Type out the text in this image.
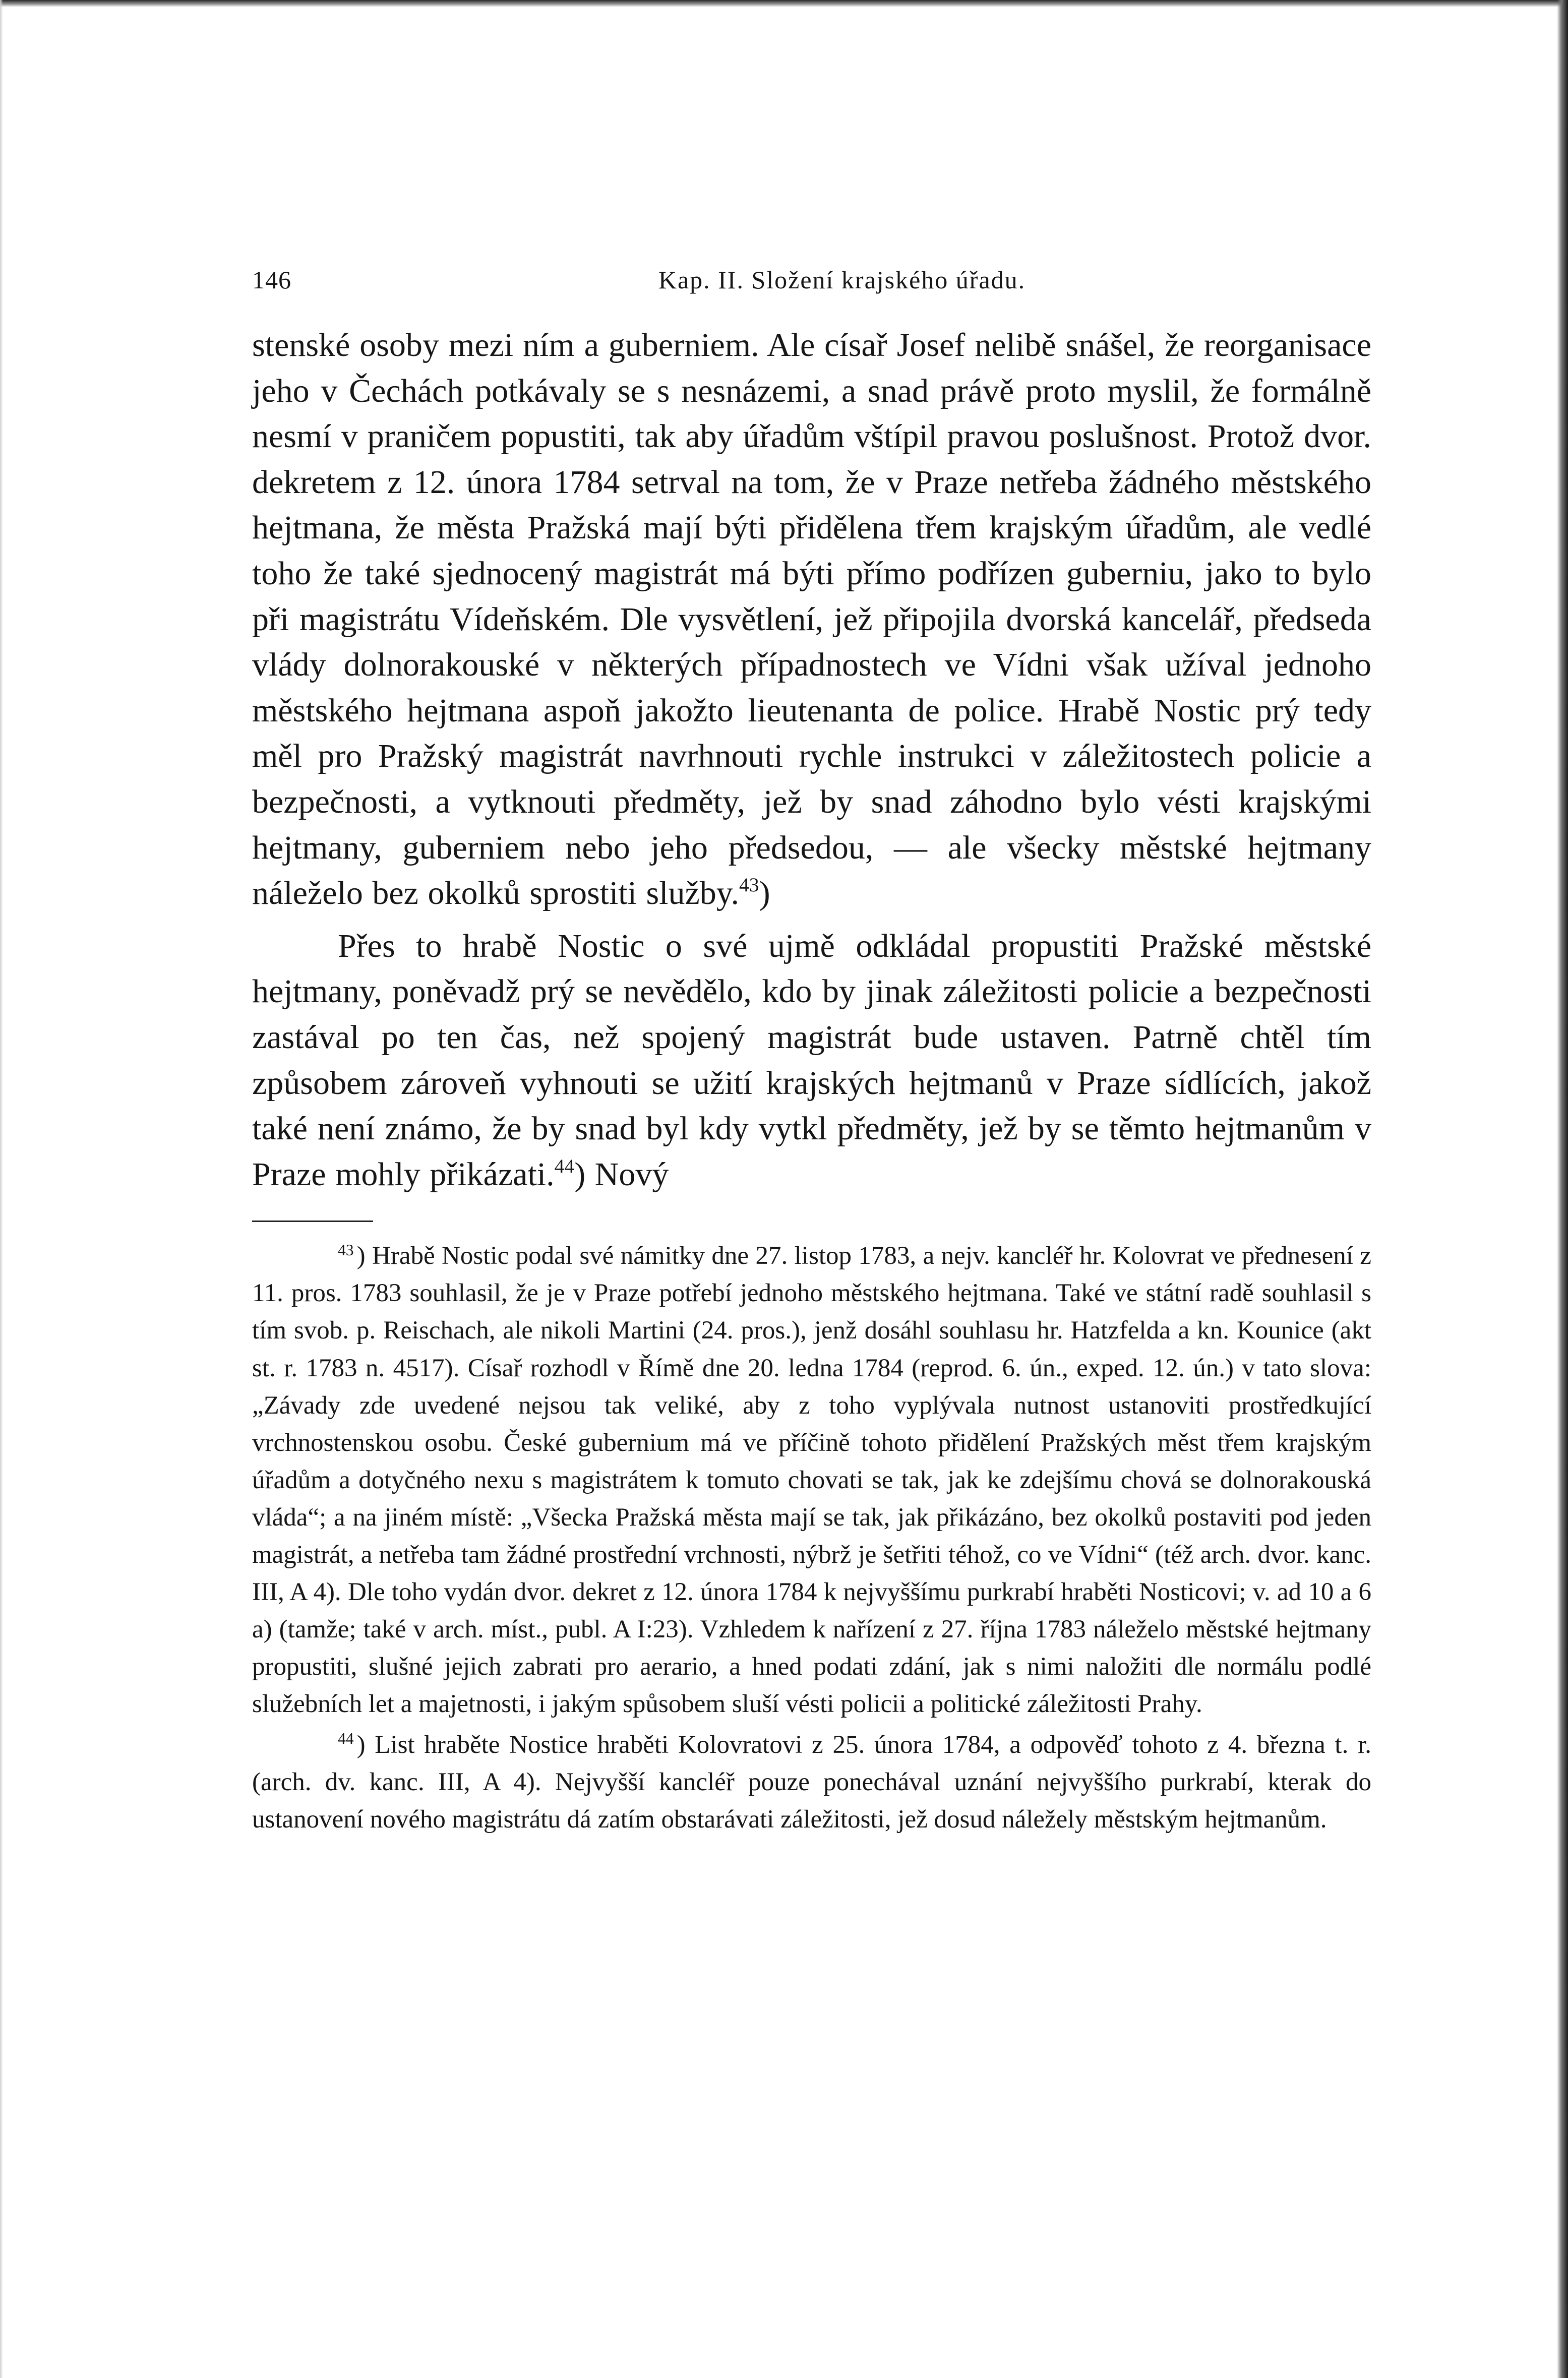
146	Kap. II. Složení krajského úřadu.

stenské osoby mezi ním a guberniem. Ale císař Josef nelibě snášel, že reorganisace jeho v Čechách potkávaly se s nesnázemi, a snad právě proto myslil, že formálně nesmí v praničem popustiti, tak aby úřadům vštípil pravou poslušnost. Protož dvor. dekretem z 12. února 1784 setrval na tom, že v Praze netřeba žádného městského hejtmana, že města Pražská mají býti přidělena třem krajským úřadům, ale vedlé toho že také sjednocený magistrát má býti přímo podřízen guberniu, jako to bylo při magistrátu Vídeňském. Dle vysvětlení, jež připojila dvorská kancelář, předseda vlády dolnorakouské v některých případnostech ve Vídni však užíval jednoho městského hejtmana aspoň jakožto lieutenanta de police. Hrabě Nostic prý tedy měl pro Pražský magistrát navrhnouti rychle instrukci v záležitostech policie a bezpečnosti, a vytknouti předměty, jež by snad záhodno bylo vésti krajskými hejtmany, guberniem nebo jeho předsedou, — ale všecky městské hejtmany náleželo bez okolků sprostiti služby.$^{43}$)

Přes to hrabě Nostic o své ujmě odkládal propustiti Pražské městské hejtmany, poněvadž prý se nevědělo, kdo by jinak záležitosti policie a bezpečnosti zastával po ten čas, než spojený magistrát bude ustaven. Patrně chtěl tím způsobem zároveň vyhnouti se užití krajských hejtmanů v Praze sídlících, jakož také není známo, že by snad byl kdy vytkl předměty, jež by se těmto hejtmanům v Praze mohly přikázati.$^{44}$) Nový

$^{43}$ ) Hrabě Nostic podal své námitky dne 27. listop 1783, a nejv. kancléř hr. Kolovrat ve přednesení z 11. pros. 1783 souhlasil, že je v Praze potřebí jednoho městského hejtmana. Také ve státní radě souhlasil s tím svob. p. Reischach, ale nikoli Martini (24. pros.), jenž dosáhl souhlasu hr. Hatzfelda a kn. Kounice (akt st. r. 1783 n. 4517). Císař rozhodl v Římě dne 20. ledna 1784 (reprod. 6. ún., exped. 12. ún.) v tato slova: „Závady zde uvedené nejsou tak veliké, aby z toho vyplývala nutnost ustanoviti prostředkující vrchnostenskou osobu. České gubernium má ve příčině tohoto přidělení Pražských měst třem krajským úřadům a dotyčného nexu s magistrátem k tomuto chovati se tak, jak ke zdejšímu chová se dolnorakouská vláda“; a na jiném místě: „Všecka Pražská města mají se tak, jak přikázáno, bez okolků postaviti pod jeden magistrát, a netřeba tam žádné prostřední vrchnosti, nýbrž je šetřiti téhož, co ve Vídni“ (též arch. dvor. kanc. III, A 4). Dle toho vydán dvor. dekret z 12. února 1784 k nejvyššímu purkrabí hraběti Nosticovi; v. ad 10 a 6 a) (tamže; také v arch. míst., publ. A I:23). Vzhledem k nařízení z 27. října 1783 náleželo městské hejtmany propustiti, slušné jejich zabrati pro aerario, a hned podati zdání, jak s nimi naložiti dle normálu podlé služebních let a majetnosti, i jakým spůsobem sluší vésti policii a politické záležitosti Prahy.

$^{44}$ ) List hraběte Nostice hraběti Kolovratovi z 25. února 1784, a odpověď tohoto z 4. března t. r. (arch. dv. kanc. III, A 4). Nejvyšší kancléř pouze ponechával uznání nejvyššího purkrabí, kterak do ustanovení nového magistrátu dá zatím obstarávati záležitosti, jež dosud náležely městským hejtmanům.
